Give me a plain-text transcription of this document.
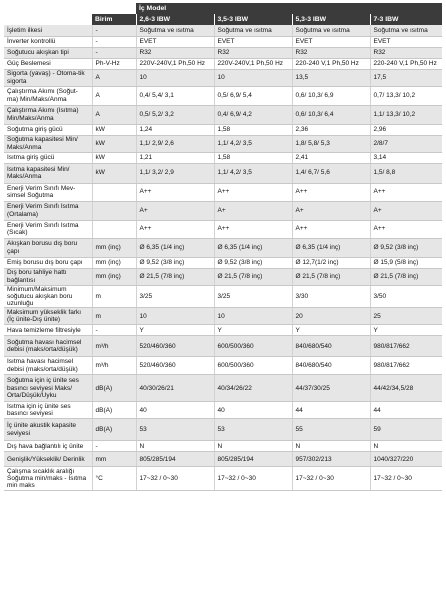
		İç Model			
	Birim	2,6-3 IBW	3,5-3 IBW	5,3-3 IBW	7-3 IBW
İşletim ilkesi	-	Soğutma ve ısıtma	Soğutma ve ısıtma	Soğutma ve ısıtma	Soğutma ve ısıtma
İnverter kontrollü	-	EVET	EVET	EVET	EVET
Soğutucu akışkan tipi	-	R32	R32	R32	R32
Güç Beslemesi	Ph-V-Hz	220V-240V,1 Ph,50 Hz	220V-240V,1 Ph,50 Hz	220-240 V,1 Ph,50 Hz	220-240 V,1 Ph,50 Hz
Sigorta (yavaş) - Otoma-tik sigorta	A	10	10	13,5	17,5
Çalıştırma Akımı (Soğut-ma) Min/Maks/Anma	A	0,4/ 5,4/ 3,1	0,5/ 6,9/ 5,4	0,6/ 10,3/ 6,9	0,7/ 13,3/ 10,2
Çalıştırma Akımı (Isıtma) Min/Maks/Anma	A	0,5/ 5,2/ 3,2	0,4/ 6,9/ 4,2	0,6/ 10,3/ 6,4	1,1/ 13,3/ 10,2
Soğutma giriş gücü	kW	1,24	1,58	2,36	2,96
Soğutma kapasitesi Min/ Maks/Anma	kW	1,1/ 2,9/ 2,6	1,1/ 4,2/ 3,5	1,8/ 5,8/ 5,3	2/8/7
Isıtma giriş gücü	kW	1,21	1,58	2,41	3,14
Isıtma kapasitesi Min/ Maks/Anma	kW	1,1/ 3,2/ 2,9	1,1/ 4,2/ 3,5	1,4/ 6,7/ 5,6	1,5/ 8,8
Enerji Verim Sınıfı Mev-simsel Soğutma		A++	A++	A++	A++
Enerji Verim Sınıfı Isıtma (Ortalama)		A+	A+	A+	A+
Enerji Verim Sınıfı Isıtma (Sıcak)		A++	A++	A++	A++
Akışkan borusu dış boru çapı	mm (inç)	Ø 6,35 (1/4 inç)	Ø 6,35 (1/4 inç)	Ø 6,35 (1/4 inç)	Ø 9,52 (3/8 inç)
Emiş borusu dış boru çapı	mm (inç)	Ø 9,52 (3/8 inç)	Ø 9,52 (3/8 inç)	Ø 12,7(1/2 inç)	Ø 15,9 (5/8 inç)
Dış boru tahliye hattı bağlantısı	mm (inç)	Ø 21,5 (7/8 inç)	Ø 21,5 (7/8 inç)	Ø 21,5 (7/8 inç)	Ø 21,5 (7/8 inç)
Minimum/Maksimum soğutucu akışkan boru uzunluğu	m	3/25	3/25	3/30	3/50
Maksimum yükseklik farkı (İç ünite-Dış ünite)	m	10	10	20	25
Hava temizleme filtresiyle	-	Y	Y	Y	Y
Soğutma havası hacimsel debisi (maks/orta/düşük)	m³/h	520/460/360	600/500/360	840/680/540	980/817/662
Isıtma havası hacimsel debisi (maks/orta/düşük)	m³/h	520/460/360	600/500/360	840/680/540	980/817/662
Soğutma için iç ünite ses basıncı seviyesi Maks/ Orta/Düşük/Uyku	dB(A)	40/30/26/21	40/34/26/22	44/37/30/25	44/42/34,5/28
Isıtma için iç ünite ses basıncı seviyesi	dB(A)	40	40	44	44
İç ünite akustik kapasite seviyesi	dB(A)	53	53	55	59
Dış hava bağlantılı iç ünite	-	N	N	N	N
Genişlik/Yükseklik/ Derinlik	mm	805/285/194	805/285/194	957/302/213	1040/327/220
Çalışma sıcaklık aralığı Soğutma min/maks - Isıtma min maks	°C	17~32 / 0~30	17~32 / 0~30	17~32 / 0~30	17~32 / 0~30
